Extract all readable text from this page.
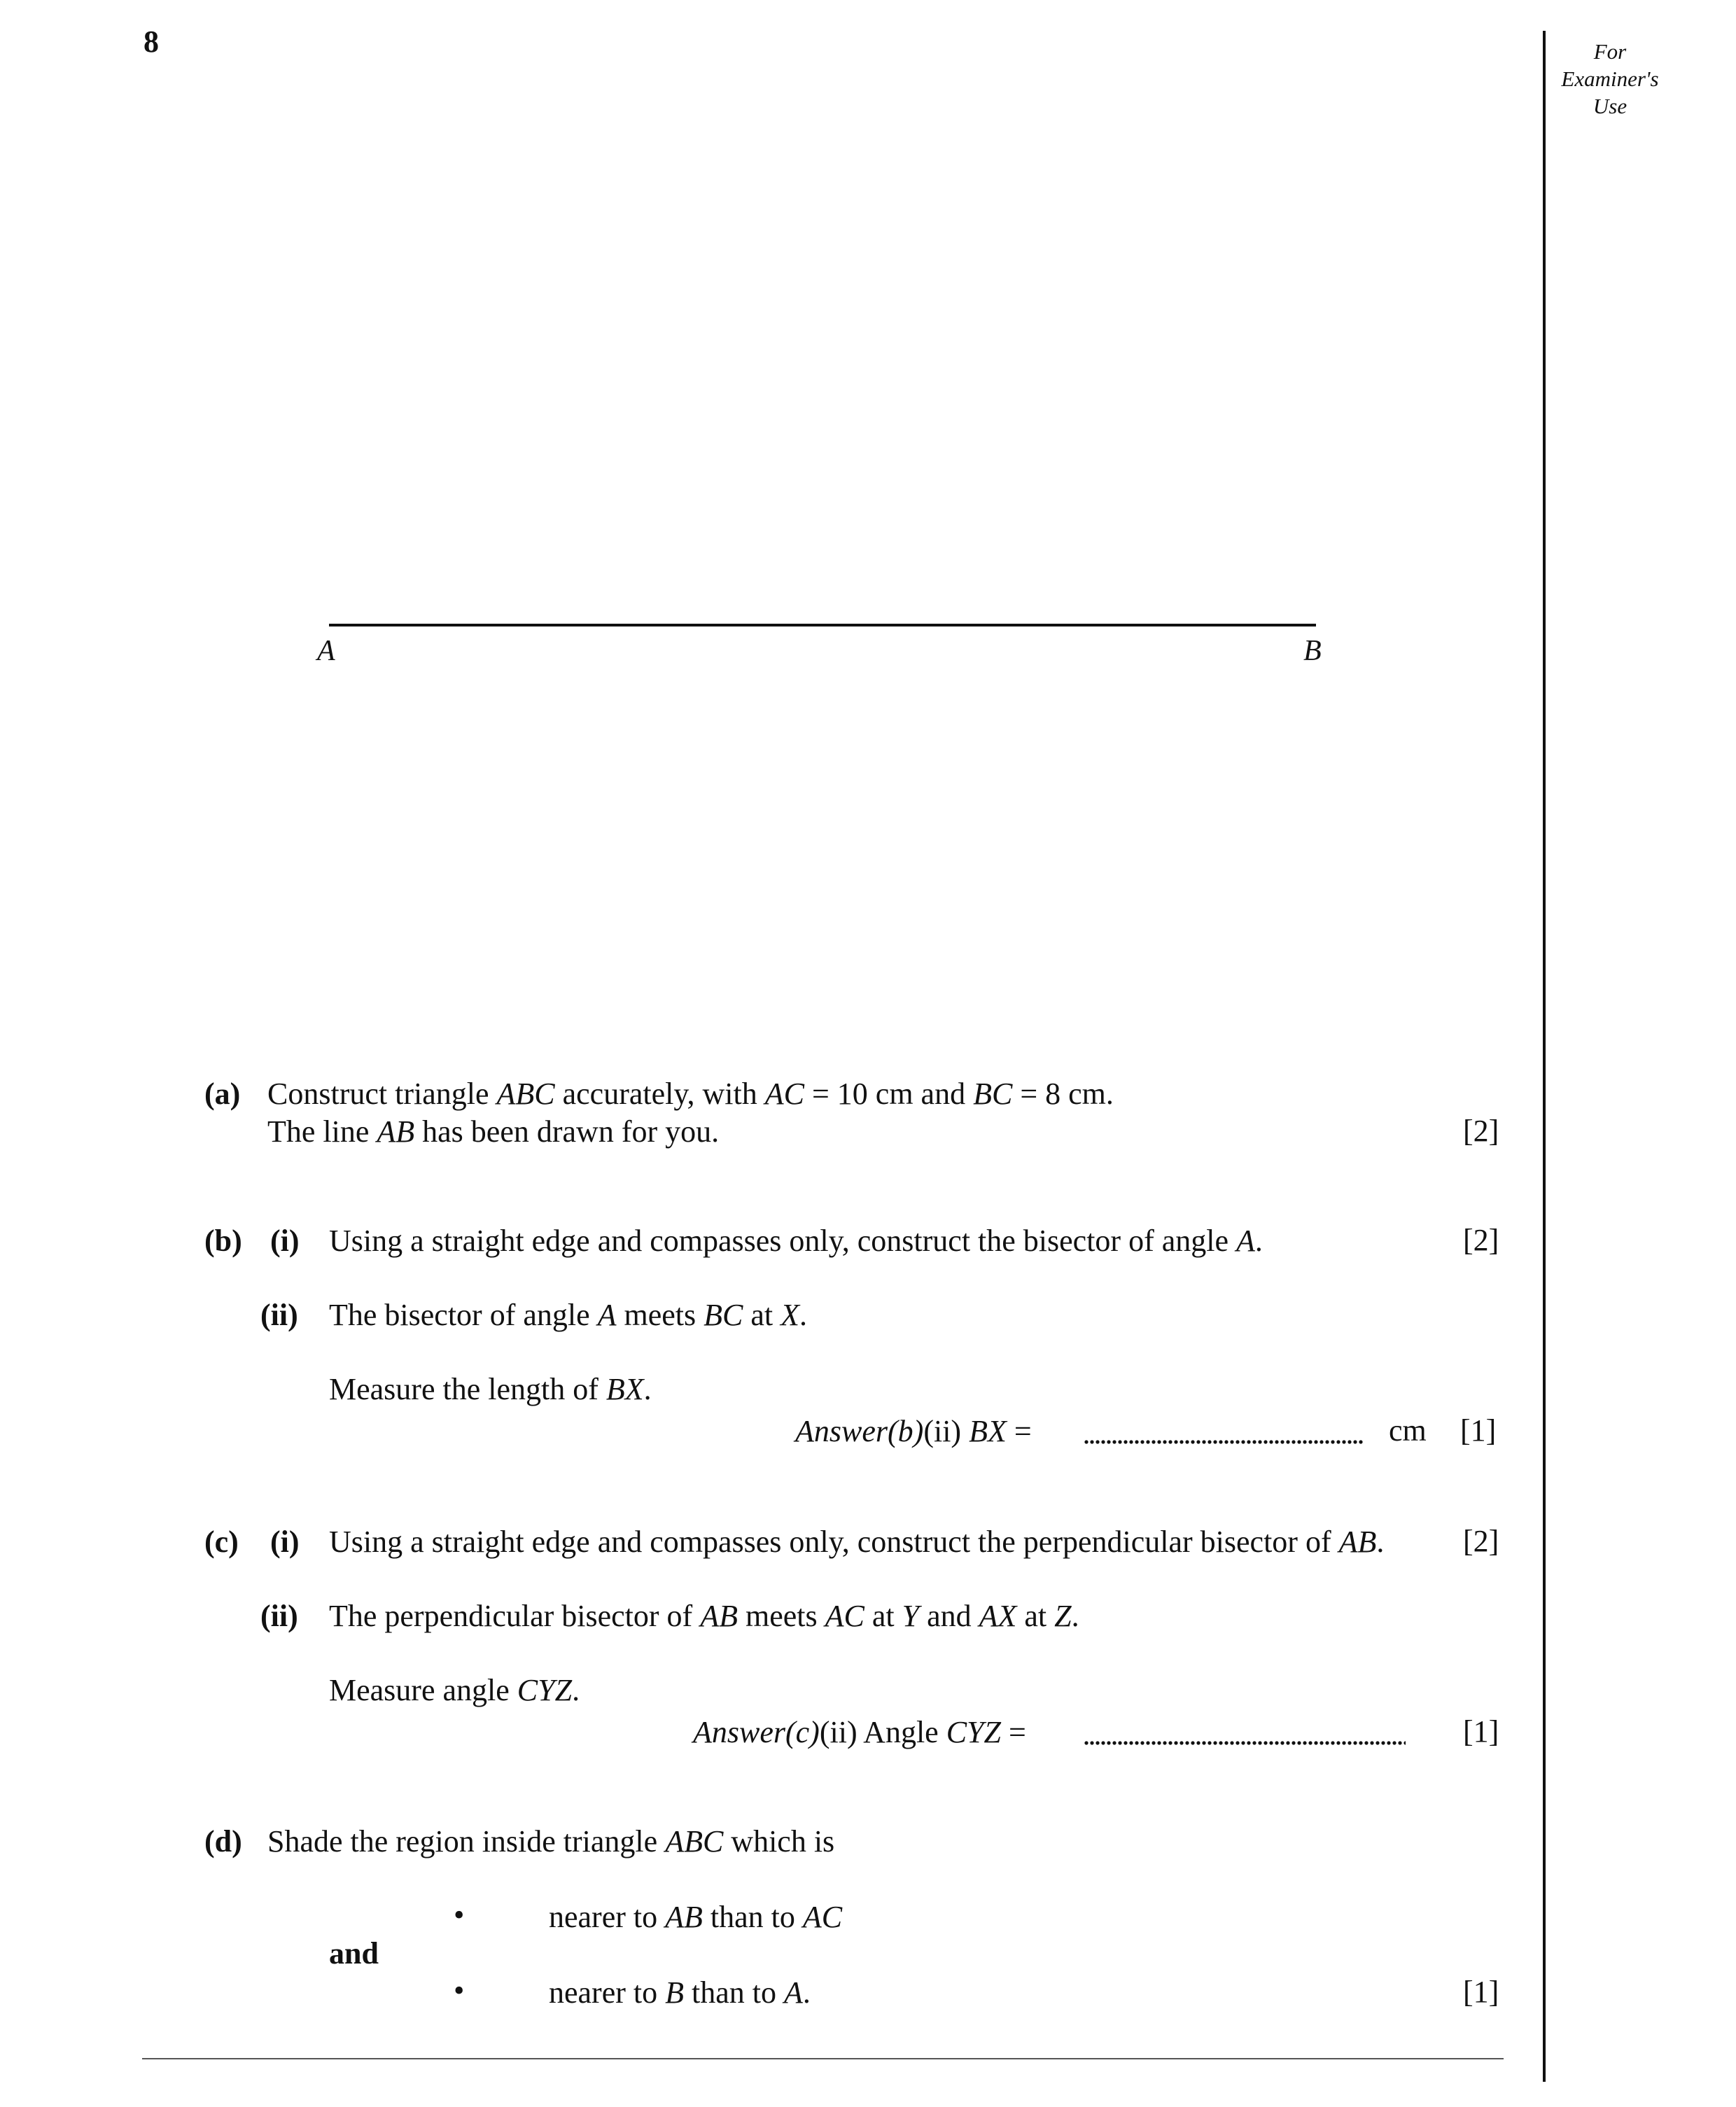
8	For
Examiner's
Use
A	B
(a) Construct triangle ABC accurately, with AC = 10 cm and BC = 8 cm.
The line AB has been drawn for you.	[2]
(b) (i) Using a straight edge and compasses only, construct the bisector of angle A.	[2]
(ii) The bisector of angle A meets BC at X.
Measure the length of BX.
Answer(b)(ii) BX =	cm [1]
(c) (i) Using a straight edge and compasses only, construct the perpendicular bisector of AB.	[2]
(ii) The perpendicular bisector of AB meets AC at Y and AX at Z.
Measure angle CYZ.
Answer(c)(ii) Angle CYZ =	[1]
(d) Shade the region inside triangle ABC which is
•	nearer to AB than to AC
and
•	nearer to B than to A.	[1]
